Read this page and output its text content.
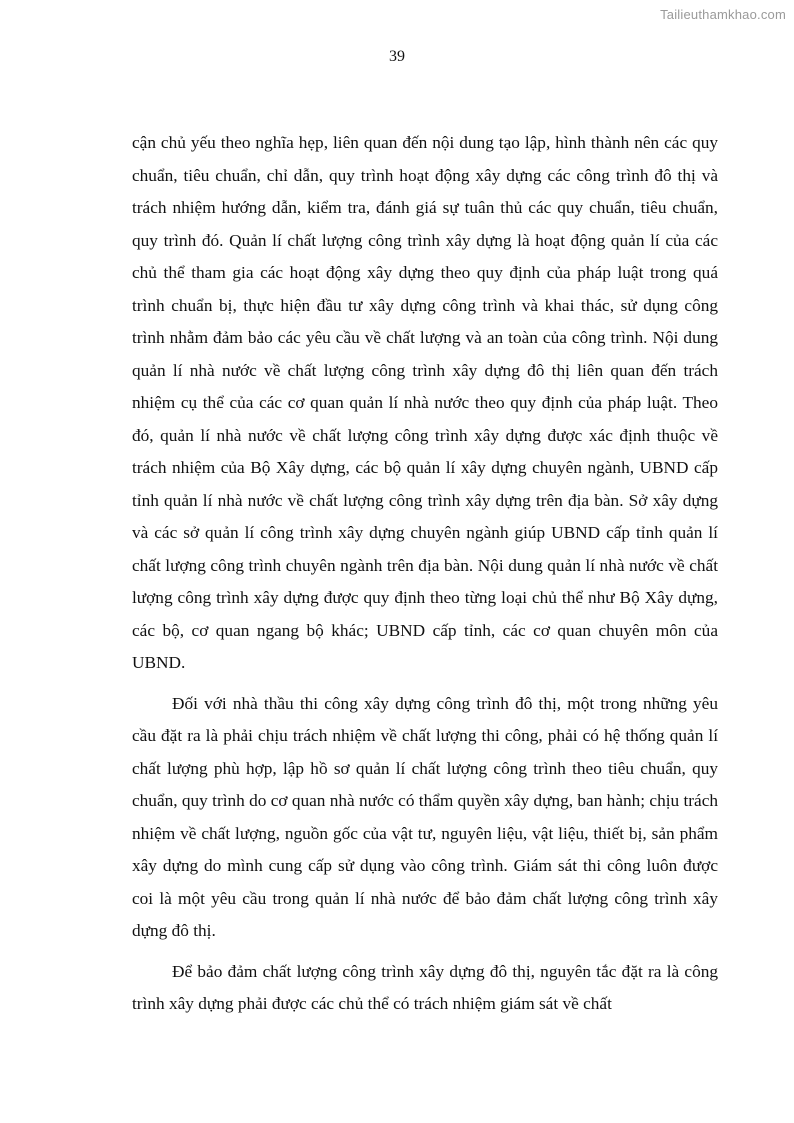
Tailieuthamkhao.com
39

cận chủ yếu theo nghĩa hẹp, liên quan đến nội dung tạo lập, hình thành nên các quy chuẩn, tiêu chuẩn, chỉ dẫn, quy trình hoạt động xây dựng các công trình đô thị và trách nhiệm hướng dẫn, kiểm tra, đánh giá sự tuân thủ các quy chuẩn, tiêu chuẩn, quy trình đó. Quản lí chất lượng công trình xây dựng là hoạt động quản lí của các chủ thể tham gia các hoạt động xây dựng theo quy định của pháp luật trong quá trình chuẩn bị, thực hiện đầu tư xây dựng công trình và khai thác, sử dụng công trình nhằm đảm bảo các yêu cầu về chất lượng và an toàn của công trình. Nội dung quản lí nhà nước về chất lượng công trình xây dựng đô thị liên quan đến trách nhiệm cụ thể của các cơ quan quản lí nhà nước theo quy định của pháp luật. Theo đó, quản lí nhà nước về chất lượng công trình xây dựng được xác định thuộc về trách nhiệm của Bộ Xây dựng, các bộ quản lí xây dựng chuyên ngành, UBND cấp tỉnh quản lí nhà nước về chất lượng công trình xây dựng trên địa bàn. Sở xây dựng và các sở quản lí công trình xây dựng chuyên ngành giúp UBND cấp tỉnh quản lí chất lượng công trình chuyên ngành trên địa bàn. Nội dung quản lí nhà nước về chất lượng công trình xây dựng được quy định theo từng loại chủ thể như Bộ Xây dựng, các bộ, cơ quan ngang bộ khác; UBND cấp tỉnh, các cơ quan chuyên môn của UBND.

Đối với nhà thầu thi công xây dựng công trình đô thị, một trong những yêu cầu đặt ra là phải chịu trách nhiệm về chất lượng thi công, phải có hệ thống quản lí chất lượng phù hợp, lập hồ sơ quản lí chất lượng công trình theo tiêu chuẩn, quy chuẩn, quy trình do cơ quan nhà nước có thẩm quyền xây dựng, ban hành; chịu trách nhiệm về chất lượng, nguồn gốc của vật tư, nguyên liệu, vật liệu, thiết bị, sản phẩm xây dựng do mình cung cấp sử dụng vào công trình. Giám sát thi công luôn được coi là một yêu cầu trong quản lí nhà nước để bảo đảm chất lượng công trình xây dựng đô thị.

Để bảo đảm chất lượng công trình xây dựng đô thị, nguyên tắc đặt ra là công trình xây dựng phải được các chủ thể có trách nhiệm giám sát về chất
